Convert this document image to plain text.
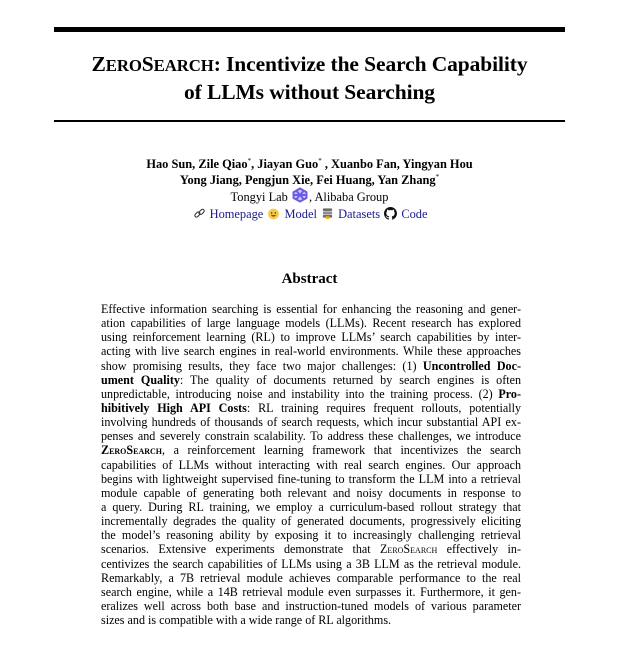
ZEROSEARCH: Incentivize the Search Capability
of LLMs without Searching
Hao Sun, Zile Qiao*, Jiayan Guo* , Xuanbo Fan, Yingyan Hou
Yong Jiang, Pengjun Xie, Fei Huang, Yan Zhang*
Tongyi Lab , Alibaba Group
Homepage Model Datasets Code
Abstract
Effective information searching is essential for enhancing the reasoning and gener-
ation capabilities of large language models (LLMs). Recent research has explored
using reinforcement learning (RL) to improve LLMs’ search capabilities by inter-
acting with live search engines in real-world environments. While these approaches
show promising results, they face two major challenges: (1) Uncontrolled Doc-
ument Quality: The quality of documents returned by search engines is often
unpredictable, introducing noise and instability into the training process. (2) Pro-
hibitively High API Costs: RL training requires frequent rollouts, potentially
involving hundreds of thousands of search requests, which incur substantial API ex-
penses and severely constrain scalability. To address these challenges, we introduce
ZeroSearch, a reinforcement learning framework that incentivizes the search
capabilities of LLMs without interacting with real search engines. Our approach
begins with lightweight supervised fine-tuning to transform the LLM into a retrieval
module capable of generating both relevant and noisy documents in response to
a query. During RL training, we employ a curriculum-based rollout strategy that
incrementally degrades the quality of generated documents, progressively eliciting
the model’s reasoning ability by exposing it to increasingly challenging retrieval
scenarios. Extensive experiments demonstrate that ZeroSearch effectively in-
centivizes the search capabilities of LLMs using a 3B LLM as the retrieval module.
Remarkably, a 7B retrieval module achieves comparable performance to the real
search engine, while a 14B retrieval module even surpasses it. Furthermore, it gen-
eralizes well across both base and instruction-tuned models of various parameter
sizes and is compatible with a wide range of RL algorithms.
